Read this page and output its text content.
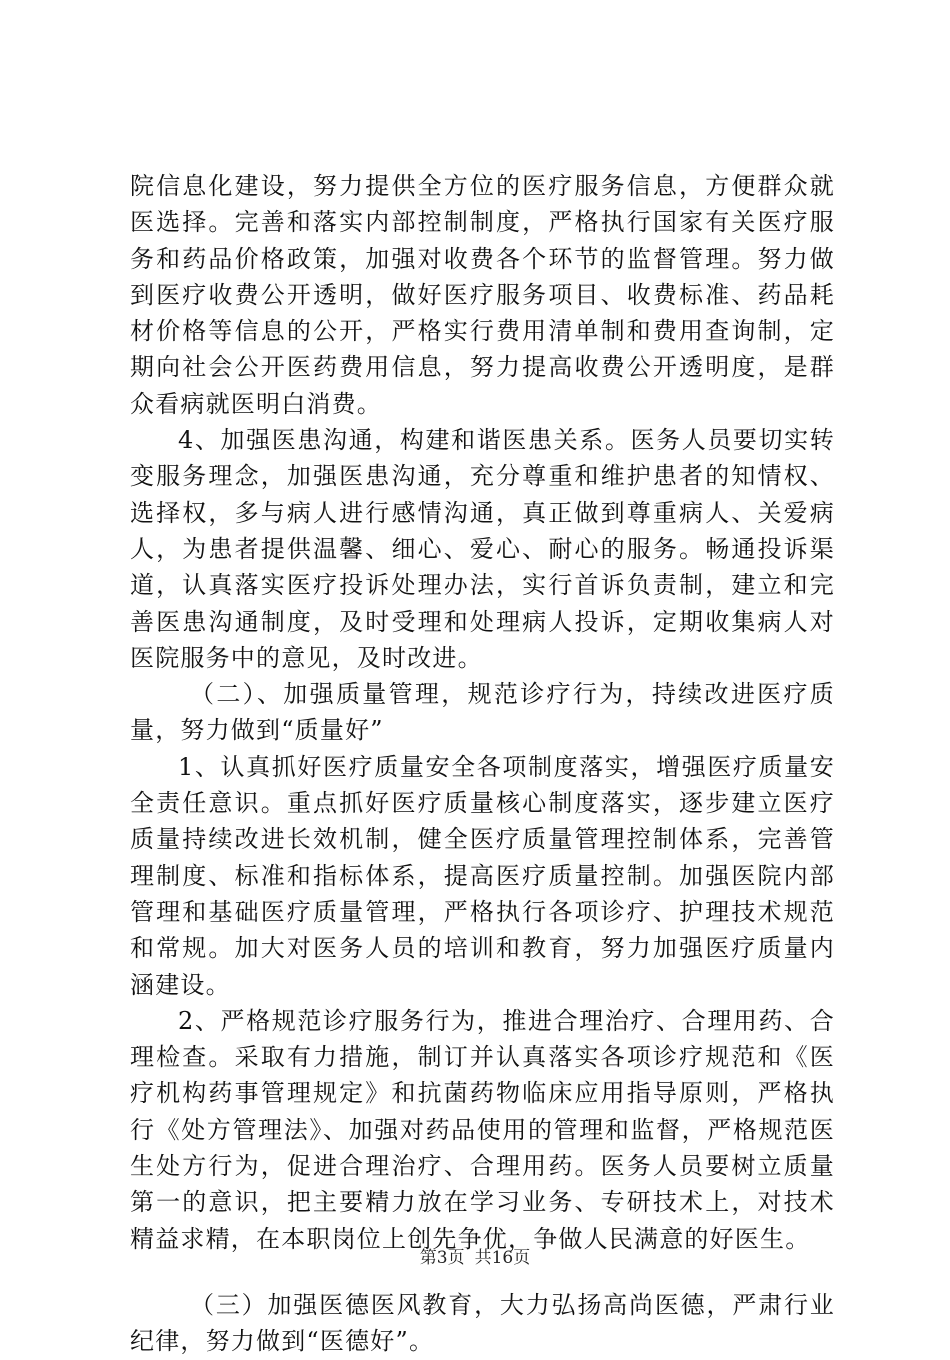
院信息化建设，努力提供全方位的医疗服务信息，方便群众就医选择。完善和落实内部控制制度，严格执行国家有关医疗服务和药品价格政策，加强对收费各个环节的监督管理。努力做到医疗收费公开透明，做好医疗服务项目、收费标准、药品耗材价格等信息的公开，严格实行费用清单制和费用查询制，定期向社会公开医药费用信息，努力提高收费公开透明度，是群众看病就医明白消费。

4、加强医患沟通，构建和谐医患关系。医务人员要切实转变服务理念，加强医患沟通，充分尊重和维护患者的知情权、选择权，多与病人进行感情沟通，真正做到尊重病人、关爱病人，为患者提供温馨、细心、爱心、耐心的服务。畅通投诉渠道，认真落实医疗投诉处理办法，实行首诉负责制，建立和完善医患沟通制度，及时受理和处理病人投诉，定期收集病人对医院服务中的意见，及时改进。

（二）、加强质量管理，规范诊疗行为，持续改进医疗质量，努力做到“质量好”

1、认真抓好医疗质量安全各项制度落实，增强医疗质量安全责任意识。重点抓好医疗质量核心制度落实，逐步建立医疗质量持续改进长效机制，健全医疗质量管理控制体系，完善管理制度、标准和指标体系，提高医疗质量控制。加强医院内部管理和基础医疗质量管理，严格执行各项诊疗、护理技术规范和常规。加大对医务人员的培训和教育，努力加强医疗质量内涵建设。

2、严格规范诊疗服务行为，推进合理治疗、合理用药、合理检查。采取有力措施，制订并认真落实各项诊疗规范和《医疗机构药事管理规定》和抗菌药物临床应用指导原则，严格执行《处方管理法》、加强对药品使用的管理和监督，严格规范医生处方行为，促进合理治疗、合理用药。医务人员要树立质量第一的意识，把主要精力放在学习业务、专研技术上，对技术精益求精，在本职岗位上创先争优，争做人民满意的好医生。

（三）加强医德医风教育，大力弘扬高尚医德，严肃行业纪律，努力做到“医德好”。

第3页 共16页
